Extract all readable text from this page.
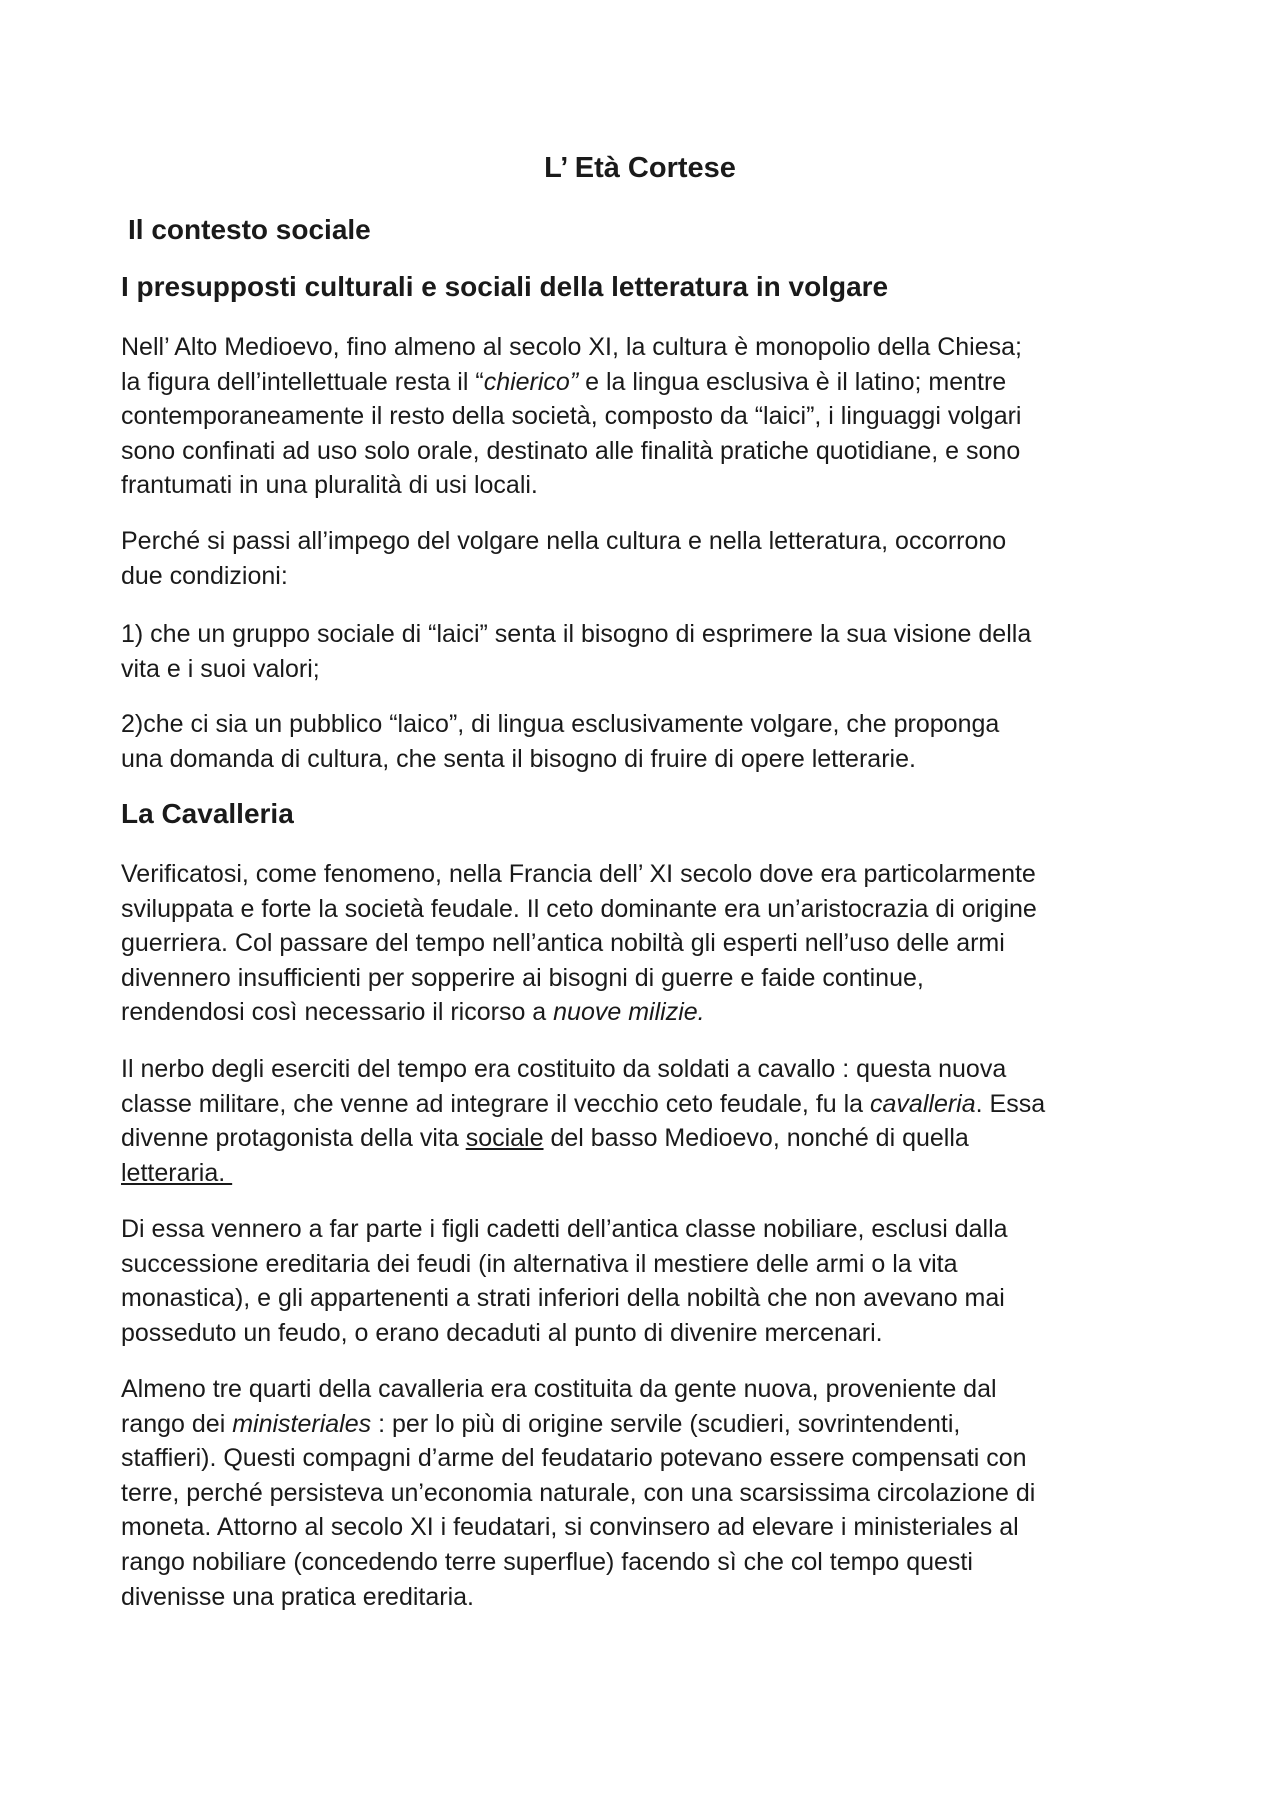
L’ Età Cortese
Il contesto sociale
I presupposti culturali e sociali della letteratura in volgare
Nell’ Alto Medioevo, fino almeno al secolo XI, la cultura è monopolio della Chiesa;
la figura dell’intellettuale resta il “chierico” e la lingua esclusiva è il latino; mentre
contemporaneamente il resto della società, composto da “laici”, i linguaggi volgari
sono confinati ad uso solo orale, destinato alle finalità pratiche quotidiane, e sono
frantumati in una pluralità di usi locali.
Perché si passi all’impego del volgare nella cultura e nella letteratura, occorrono
due condizioni:
1) che un gruppo sociale di “laici” senta il bisogno di esprimere la sua visione della
vita e i suoi valori;
2)che ci sia un pubblico “laico”, di lingua esclusivamente volgare, che proponga
una domanda di cultura, che senta il bisogno di fruire di opere letterarie.
La Cavalleria
Verificatosi, come fenomeno, nella Francia dell’ XI secolo dove era particolarmente
sviluppata e forte la società feudale. Il ceto dominante era un’aristocrazia di origine
guerriera. Col passare del tempo nell’antica nobiltà gli esperti nell’uso delle armi
divennero insufficienti per sopperire ai bisogni di guerre e faide continue,
rendendosi così necessario il ricorso a nuove milizie.
Il nerbo degli eserciti del tempo era costituito da soldati a cavallo : questa nuova
classe militare, che venne ad integrare il vecchio ceto feudale, fu la cavalleria. Essa
divenne protagonista della vita sociale del basso Medioevo, nonché di quella
letteraria.
Di essa vennero a far parte i figli cadetti dell’antica classe nobiliare, esclusi dalla
successione ereditaria dei feudi (in alternativa il mestiere delle armi o la vita
monastica), e gli appartenenti a strati inferiori della nobiltà che non avevano mai
posseduto un feudo, o erano decaduti al punto di divenire mercenari.
Almeno tre quarti della cavalleria era costituita da gente nuova, proveniente dal
rango dei ministeriales : per lo più di origine servile (scudieri, sovrintendenti,
staffieri). Questi compagni d’arme del feudatario potevano essere compensati con
terre, perché persisteva un’economia naturale, con una scarsissima circolazione di
moneta. Attorno al secolo XI i feudatari, si convinsero ad elevare i ministeriales al
rango nobiliare (concedendo terre superflue) facendo sì che col tempo questi
divenisse una pratica ereditaria.
